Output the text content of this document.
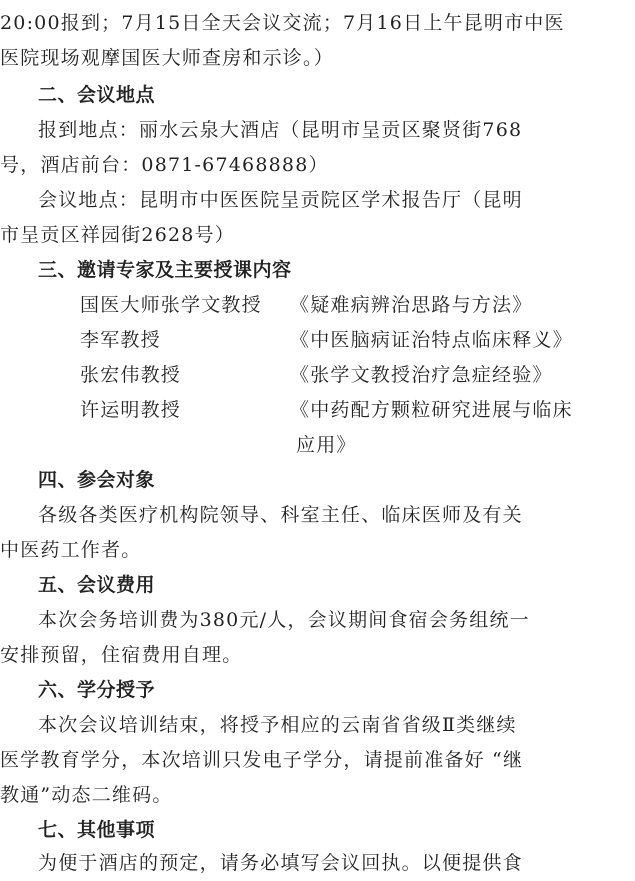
20:00报到；7月15日全天会议交流；7月16日上午昆明市中医
医院现场观摩国医大师查房和示诊。）
二、会议地点
报到地点：丽水云泉大酒店（昆明市呈贡区聚贤街768
号，酒店前台：0871-67468888）
会议地点：昆明市中医医院呈贡院区学术报告厅（昆明
市呈贡区祥园街2628号）
三、邀请专家及主要授课内容
国医大师张学文教授 《疑难病辨治思路与方法》
李军教授	《中医脑病证治特点临床释义》
张宏伟教授	《张学文教授治疗急症经验》
许运明教授	《中药配方颗粒研究进展与临床
应用》
四、参会对象
各级各类医疗机构院领导、科室主任、临床医师及有关
中医药工作者。
五、会议费用
本次会务培训费为380元/人，会议期间食宿会务组统一
安排预留，住宿费用自理。
六、学分授予
本次会议培训结束，将授予相应的云南省省级Ⅱ类继续
医学教育学分，本次培训只发电子学分，请提前准备好 “继
教通”动态二维码。
七、其他事项
为便于酒店的预定，请务必填写会议回执。以便提供食
